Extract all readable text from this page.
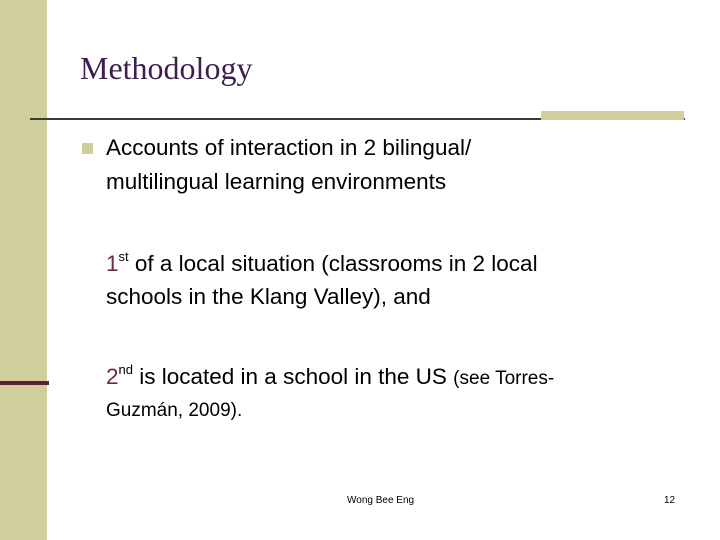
Methodology

Accounts of interaction in 2 bilingual/

multilingual learning environments

1st of a local situation (classrooms in 2 local

schools in the Klang Valley), and

2nd is located in a school in the US (see Torres-

Guzmán, 2009).

Wong Bee Eng	12
